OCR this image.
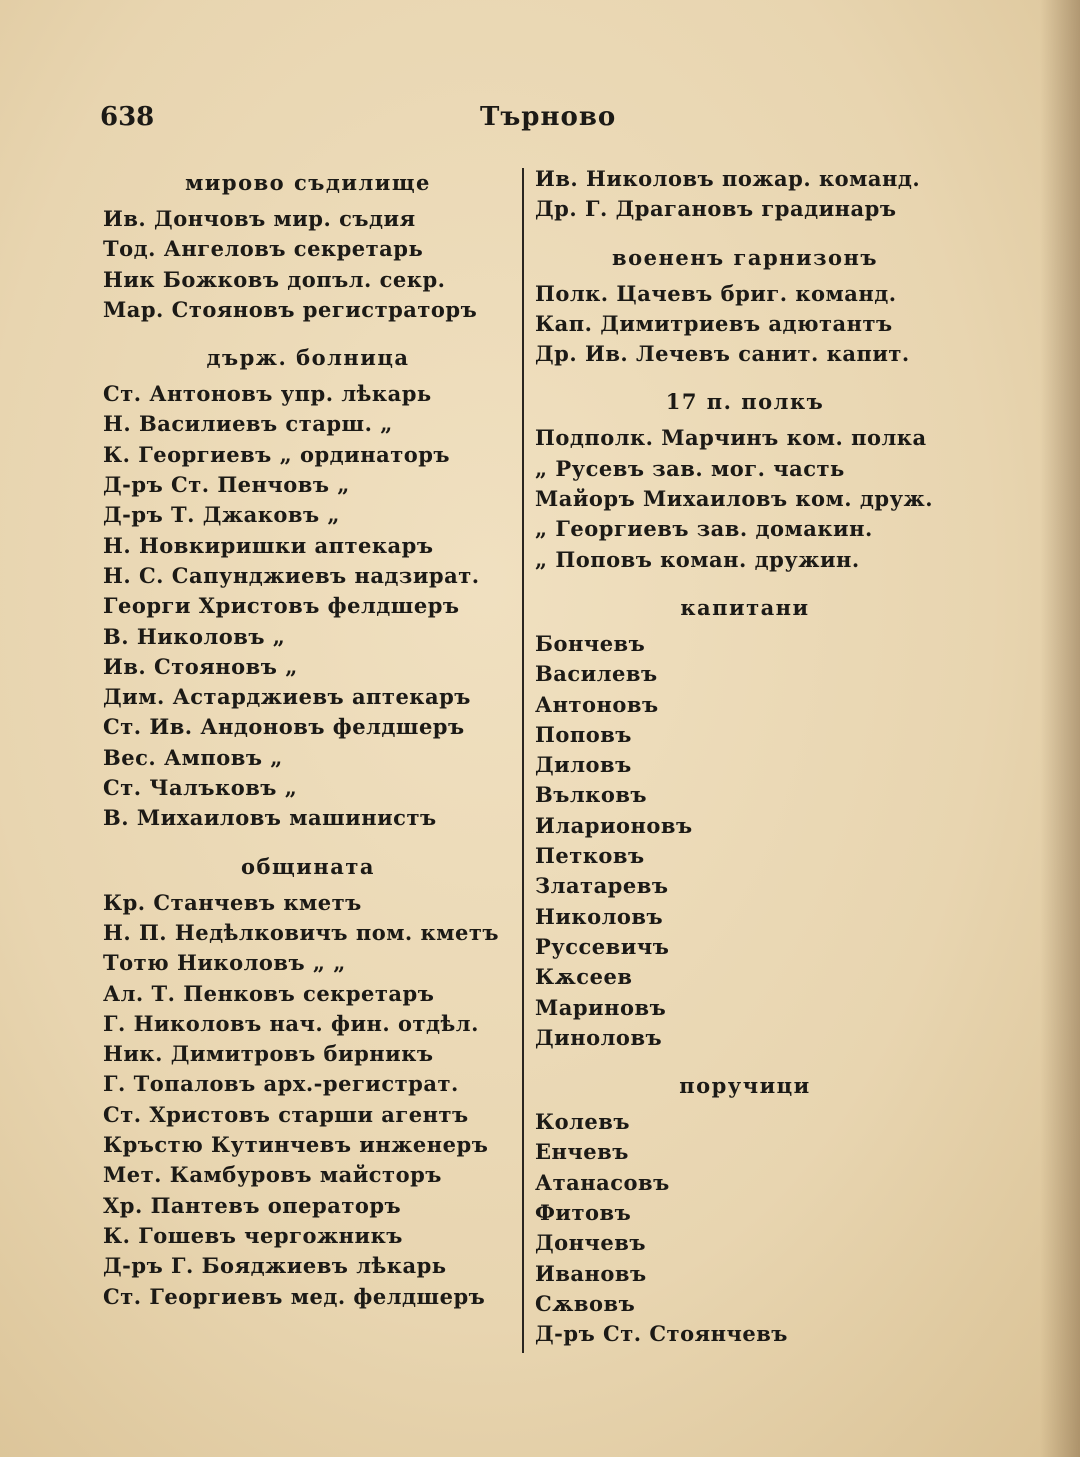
638	Търново
мирово съдилище
Ив. Дончовъ мир. съдия
Тод. Ангеловъ секретарь
Ник Божковъ допъл. секр.
Мар. Стояновъ регистраторъ
държ. болница
Ст. Антоновъ упр. лѣкарь
Н. Василиевъ старш. „
К. Георгиевъ „ ординаторъ
Д-ръ Ст. Пенчовъ „
Д-ръ Т. Джаковъ „
Н. Новкиришки аптекаръ
Н. С. Сапунджиевъ надзират.
Георги Христовъ фелдшеръ
В. Николовъ „
Ив. Стояновъ „
Дим. Астарджиевъ аптекаръ
Ст. Ив. Андоновъ фелдшеръ
Вес. Амповъ „
Ст. Чалъковъ „
В. Михаиловъ машинистъ
общината
Кр. Станчевъ кметъ
Н. П. Недѣлковичъ пом. кметъ
Тотю Николовъ „ „
Ал. Т. Пенковъ секретаръ
Г. Николовъ нач. фин. отдѣл.
Ник. Димитровъ бирникъ
Г. Топаловъ арх.-регистрат.
Ст. Христовъ старши агентъ
Кръстю Кутинчевъ инженеръ
Мет. Камбуровъ майсторъ
Хр. Пантевъ операторъ
К. Гошевъ чергожникъ
Д-ръ Г. Бояджиевъ лѣкарь
Ст. Георгиевъ мед. фелдшеръ
Ив. Николовъ пожар. команд.
Др. Г. Драгановъ градинаръ
воененъ гарнизонъ
Полк. Цачевъ бриг. команд.
Кап. Димитриевъ адютантъ
Др. Ив. Лечевъ санит. капит.
17 п. полкъ
Подполк. Марчинъ ком. полка
„ Русевъ зав. мог. часть
Майоръ Михаиловъ ком. друж.
„ Георгиевъ зав. домакин.
„ Поповъ коман. дружин.
капитани
Бончевъ
Василевъ
Антоновъ
Поповъ
Диловъ
Вълковъ
Иларионовъ
Петковъ
Златаревъ
Николовъ
Руссевичъ
Кѫсеев
Мариновъ
Диноловъ
поручици
Колевъ
Енчевъ
Атанасовъ
Фитовъ
Дончевъ
Ивановъ
Сѫвовъ
Д-ръ Ст. Стоянчевъ
